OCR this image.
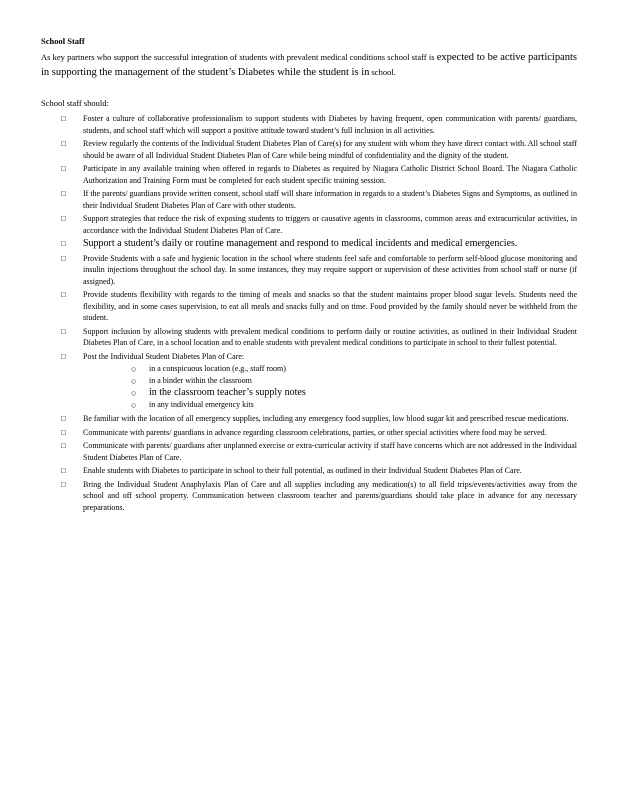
School Staff
As key partners who support the successful integration of students with prevalent medical conditions school staff is expected to be active participants in supporting the management of the student’s Diabetes while the student is in school.
School staff should:
□ Foster a culture of collaborative professionalism to support students with Diabetes by having frequent, open communication with parents/ guardians, students, and school staff which will support a positive attitude toward student’s full inclusion in all activities.
□ Review regularly the contents of the Individual Student Diabetes Plan of Care(s) for any student with whom they have direct contact with. All school staff should be aware of all Individual Student Diabetes Plan of Care while being mindful of confidentiality and the dignity of the student.
□ Participate in any available training when offered in regards to Diabetes as required by Niagara Catholic District School Board. The Niagara Catholic Authorization and Training Form must be completed for each student specific training session.
□ If the parents/ guardians provide written consent, school staff will share information in regards to a student’s Diabetes Signs and Symptoms, as outlined in their Individual Student Diabetes Plan of Care with other students.
□ Support strategies that reduce the risk of exposing students to triggers or causative agents in classrooms, common areas and extracurricular activities, in accordance with the Individual Student Diabetes Plan of Care.
□ Support a student’s daily or routine management and respond to medical incidents and medical emergencies.
□ Provide Students with a safe and hygienic location in the school where students feel safe and comfortable to perform self-blood glucose monitoring and insulin injections throughout the school day. In some instances, they may require support or supervision of these activities from school staff or nurse (if assigned).
□ Provide students flexibility with regards to the timing of meals and snacks so that the student maintains proper blood sugar levels. Students need the flexibility, and in some cases supervision, to eat all meals and snacks fully and on time. Food provided by the family should never be withheld from the student.
□ Support inclusion by allowing students with prevalent medical conditions to perform daily or routine activities, as outlined in their Individual Student Diabetes Plan of Care, in a school location and to enable students with prevalent medical conditions to participate in school to their fullest potential.
□ Post the Individual Student Diabetes Plan of Care:
○ in a conspicuous location (e.g., staff room)
○ in a binder within the classroom
○ in the classroom teacher’s supply notes
○ in any individual emergency kits
□ Be familiar with the location of all emergency supplies, including any emergency food supplies, low blood sugar kit and prescribed rescue medications.
□ Communicate with parents/ guardians in advance regarding classroom celebrations, parties, or other special activities where food may be served.
□ Communicate with parents/ guardians after unplanned exercise or extra-curricular activity if staff have concerns which are not addressed in the Individual Student Diabetes Plan of Care.
□ Enable students with Diabetes to participate in school to their full potential, as outlined in their Individual Student Diabetes Plan of Care.
□ Bring the Individual Student Anaphylaxis Plan of Care and all supplies including any medication(s) to all field trips/events/activities away from the school and off school property. Communication between classroom teacher and parents/guardians should take place in advance for any necessary preparations.
